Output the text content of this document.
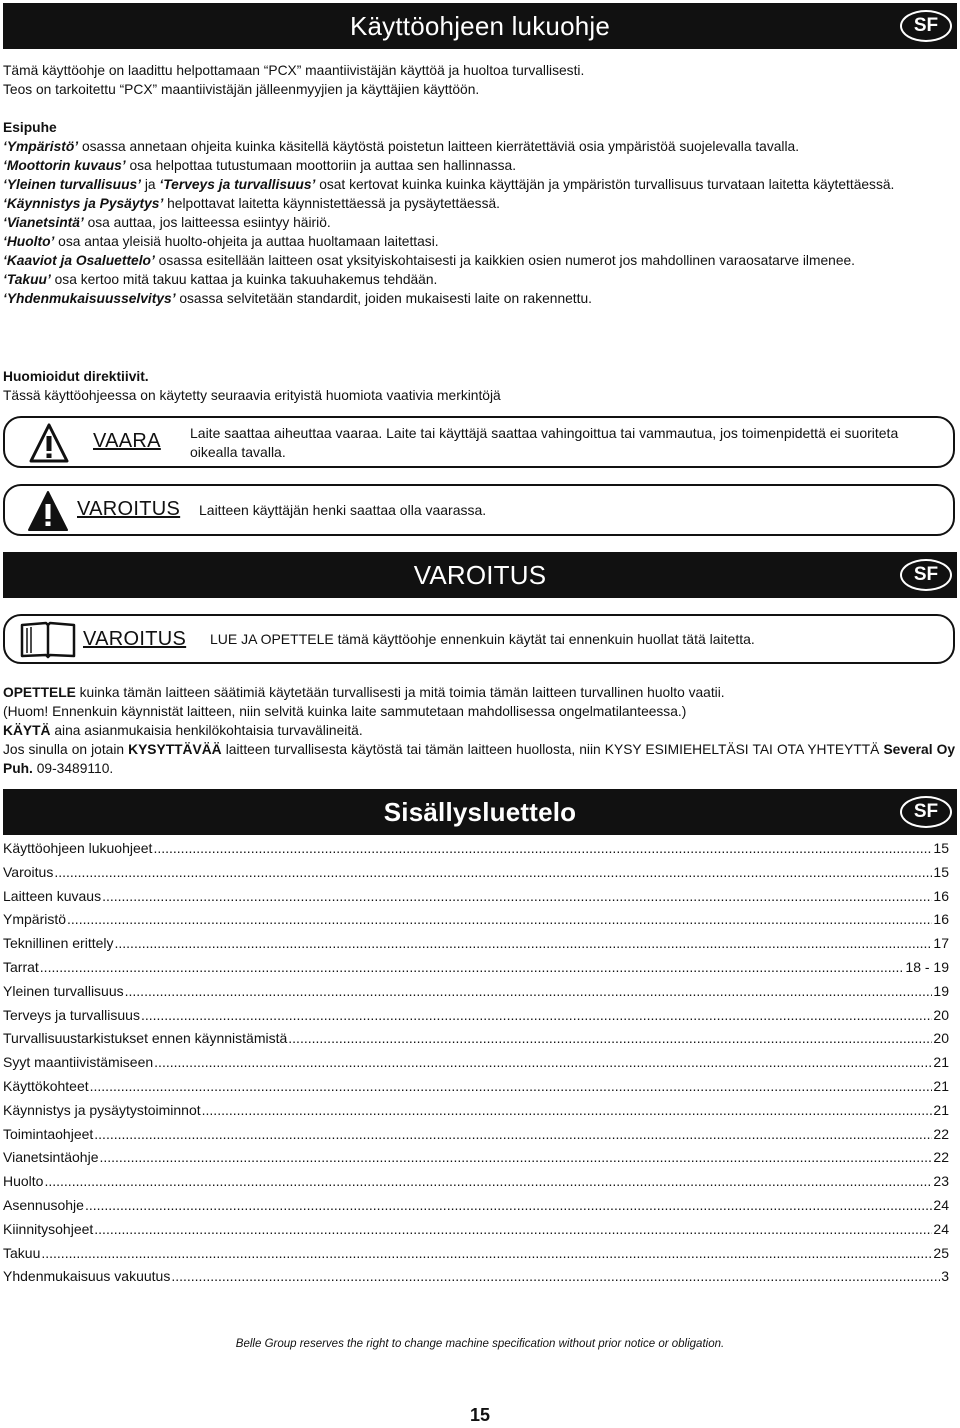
Käyttöohjeen lukuohje	SF

Tämä käyttöohje on laadittu helpottamaan “PCX” maantiivistäjän käyttöä ja huoltoa turvallisesti.

Teos on tarkoitettu “PCX” maantiivistäjän jälleenmyyjien ja käyttäjien käyttöön.

Esipuhe

‘Ympäristö’ osassa annetaan ohjeita kuinka käsitellä käytöstä poistetun laitteen kierrätettäviä osia ympäristöä suojelevalla tavalla.

‘Moottorin kuvaus’ osa helpottaa tutustumaan moottoriin ja auttaa sen hallinnassa.

‘Yleinen turvallisuus’ ja ‘Terveys ja turvallisuus’ osat kertovat kuinka kuinka käyttäjän ja ympäristön turvallisuus turvataan laitetta käytettäessä.

‘Käynnistys ja Pysäytys’ helpottavat laitetta käynnistettäessä ja pysäytettäessä.

‘Vianetsintä’ osa auttaa, jos laitteessa esiintyy häiriö.

‘Huolto’ osa antaa yleisiä huolto-ohjeita ja auttaa huoltamaan laitettasi.

‘Kaaviot ja Osaluettelo’ osassa esitellään laitteen osat yksityiskohtaisesti ja kaikkien osien numerot jos mahdollinen varaosatarve ilmenee.

‘Takuu’ osa kertoo mitä takuu kattaa ja kuinka takuuhakemus tehdään.

‘Yhdenmukaisuusselvitys’ osassa selvitetään standardit, joiden mukaisesti laite on rakennettu.

Huomioidut direktiivit.

Tässä käyttöohjeessa on käytetty seuraavia erityistä huomiota vaativia merkintöjä

VAARA Laite saattaa aiheuttaa vaaraa. Laite tai käyttäjä saattaa vahingoittua tai vammautua, jos toimenpidettä ei suoriteta oikealla tavalla.
VAROITUS Laitteen käyttäjän henki saattaa olla vaarassa.
VAROITUS	SF
VAROITUS LUE JA OPETTELE tämä käyttöohje ennenkuin käytät tai ennenkuin huollat tätä laitetta.

OPETTELE kuinka tämän laitteen säätimiä käytetään turvallisesti ja mitä toimia tämän laitteen turvallinen huolto vaatii.

(Huom! Ennenkuin käynnistät laitteen, niin selvitä kuinka laite sammutetaan mahdollisessa ongelmatilanteessa.)

KÄYTÄ aina asianmukaisia henkilökohtaisia turvavälineitä.

Jos sinulla on jotain KYSYTTÄVÄÄ laitteen turvallisesta käytöstä tai tämän laitteen huollosta, niin KYSY ESIMIEHELTÄSI TAI OTA YHTEYTTÄ Several Oy Puh. 09-3489110.

Sisällysluettelo	SF
Käyttöohjeen lukuohjeet .....	15
Varoitus .....	15
Laitteen kuvaus .....	16
Ympäristö .....	16
Teknillinen erittely .....	17
Tarrat .....	18 - 19
Yleinen turvallisuus .....	19
Terveys ja turvallisuus .....	20
Turvallisuustarkistukset ennen käynnistämistä .....	20
Syyt maantiivistämiseen .....	21
Käyttökohteet .....	21
Käynnistys ja pysäytystoiminnot .....	21
Toimintaohjeet .....	22
Vianetsintäohje .....	22
Huolto .....	23
Asennusohje .....	24
Kiinnitysohjeet .....	24
Takuu .....	25
Yhdenmukaisuus vakuutus .....	3
Belle Group reserves the right to change machine specification without prior notice or obligation.
15
